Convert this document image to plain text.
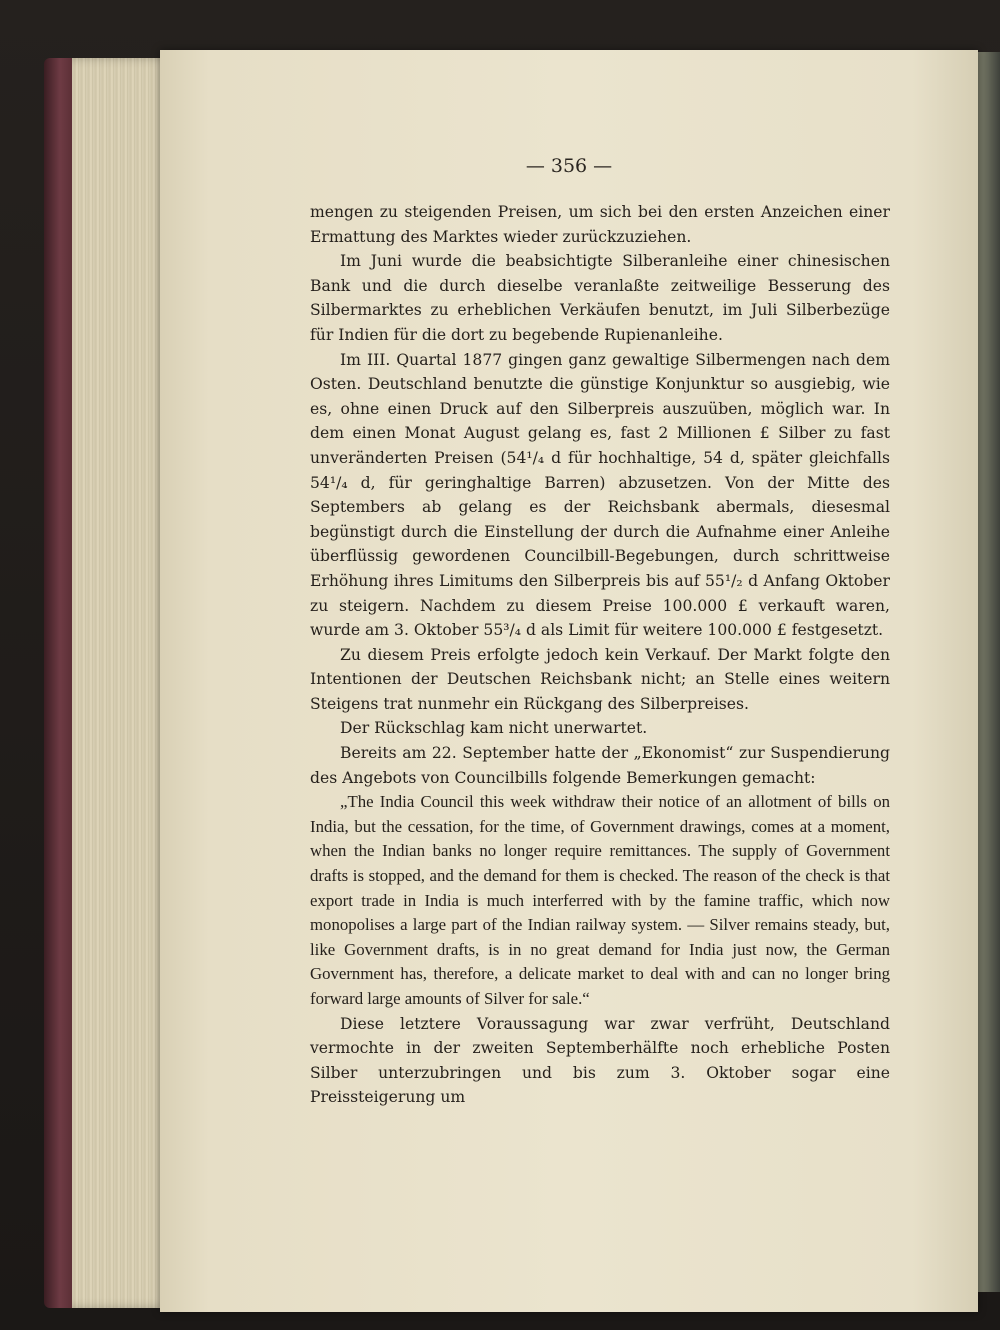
— 356 —

mengen zu steigenden Preisen, um sich bei den ersten Anzeichen einer Ermattung des Marktes wieder zurückzuziehen.

Im Juni wurde die beabsichtigte Silberanleihe einer chinesischen Bank und die durch dieselbe veranlaßte zeitweilige Besserung des Silbermarktes zu erheblichen Verkäufen benutzt, im Juli Silberbezüge für Indien für die dort zu begebende Rupienanleihe.

Im III. Quartal 1877 gingen ganz gewaltige Silbermengen nach dem Osten. Deutschland benutzte die günstige Konjunktur so ausgiebig, wie es, ohne einen Druck auf den Silberpreis auszuüben, möglich war. In dem einen Monat August gelang es, fast 2 Millionen £ Silber zu fast unveränderten Preisen (54¹/₄ d für hochhaltige, 54 d, später gleichfalls 54¹/₄ d, für geringhaltige Barren) abzusetzen. Von der Mitte des Septembers ab gelang es der Reichsbank abermals, diesesmal begünstigt durch die Einstellung der durch die Aufnahme einer Anleihe überflüssig gewordenen Councilbill-Begebungen, durch schrittweise Erhöhung ihres Limitums den Silberpreis bis auf 55¹/₂ d Anfang Oktober zu steigern. Nachdem zu diesem Preise 100.000 £ verkauft waren, wurde am 3. Oktober 55³/₄ d als Limit für weitere 100.000 £ festgesetzt.

Zu diesem Preis erfolgte jedoch kein Verkauf. Der Markt folgte den Intentionen der Deutschen Reichsbank nicht; an Stelle eines weitern Steigens trat nunmehr ein Rückgang des Silberpreises.

Der Rückschlag kam nicht unerwartet.

Bereits am 22. September hatte der „Ekonomist“ zur Suspendierung des Angebots von Councilbills folgende Bemerkungen gemacht:

„The India Council this week withdraw their notice of an allotment of bills on India, but the cessation, for the time, of Government drawings, comes at a moment, when the Indian banks no longer require remittances. The supply of Government drafts is stopped, and the demand for them is checked. The reason of the check is that export trade in India is much interferred with by the famine traffic, which now monopolises a large part of the Indian railway system. — Silver remains steady, but, like Government drafts, is in no great demand for India just now, the German Government has, therefore, a delicate market to deal with and can no longer bring forward large amounts of Silver for sale.“

Diese letztere Voraussagung war zwar verfrüht, Deutschland vermochte in der zweiten Septemberhälfte noch erhebliche Posten Silber unterzubringen und bis zum 3. Oktober sogar eine Preissteigerung um
